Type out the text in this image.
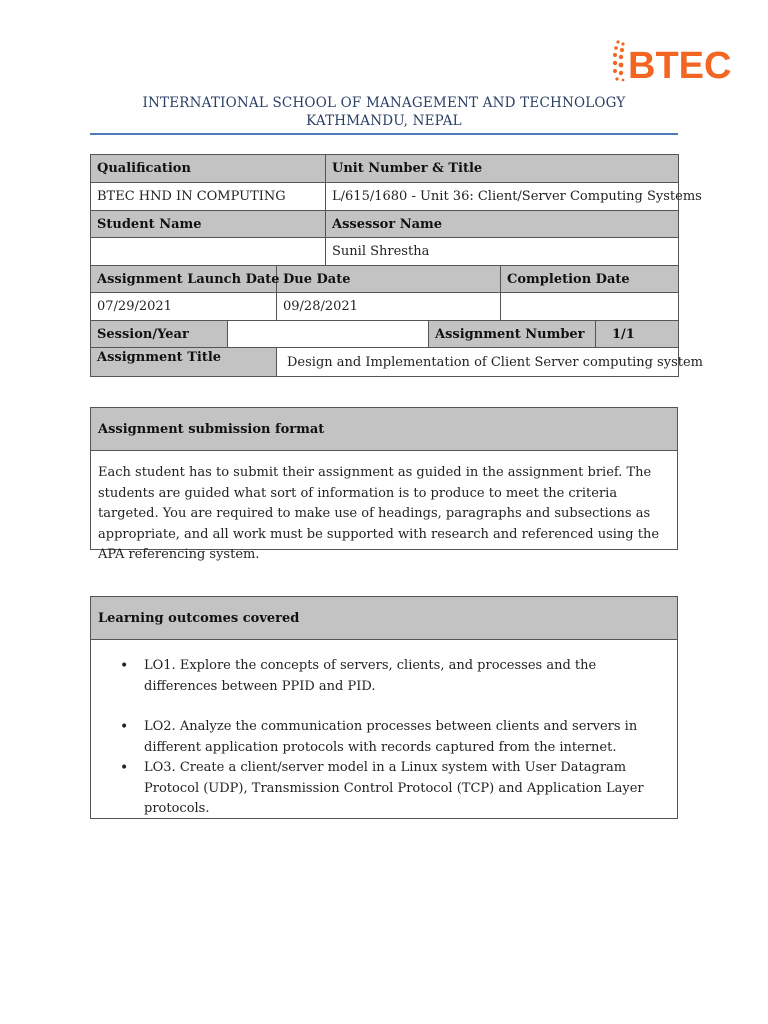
BTEC
INTERNATIONAL SCHOOL OF MANAGEMENT AND TECHNOLOGY
KATHMANDU, NEPAL
Qualification			Unit Number & Title			
BTEC HND IN COMPUTING			L/615/1680 - Unit 36: Client/Server Computing Systems			
Student Name			Assessor Name			
			Sunil Shrestha			
Assignment Launch Date		Due Date			Completion Date	
07/29/2021		09/28/2021				
Session/Year				Assignment Number		1/1
Assignment Title		Design and Implementation of Client Server computing system				
Assignment submission format
Each student has to submit their assignment as guided in the assignment brief. The students are guided what sort of information is to produce to meet the criteria targeted. You are required to make use of headings, paragraphs and subsections as appropriate, and all work must be supported with research and referenced using the APA referencing system.
Learning outcomes covered
• LO1. Explore the concepts of servers, clients, and processes and the differences between PPID and PID.
• LO2. Analyze the communication processes between clients and servers in different application protocols with records captured from the internet.
• LO3. Create a client/server model in a Linux system with User Datagram Protocol (UDP), Transmission Control Protocol (TCP) and Application Layer protocols.
